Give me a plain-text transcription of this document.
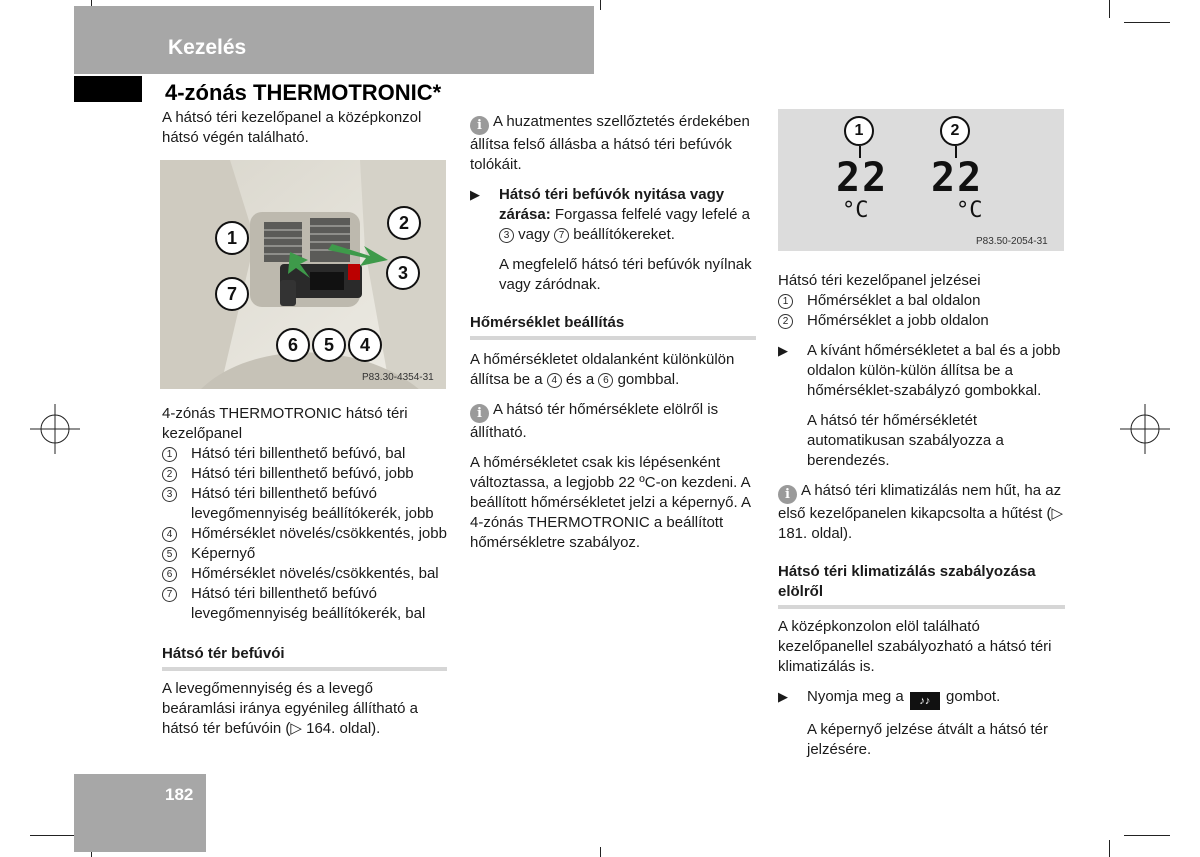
Kezelés
4-zónás THERMOTRONIC*

A hátsó téri kezelőpanel a középkonzol hátsó végén található.

1
2
3
4
5
6
7
P83.30-4354-31

4-zónás THERMOTRONIC hátsó téri kezelőpanel

1	Hátsó téri billenthető befúvó, bal
2	Hátsó téri billenthető befúvó, jobb
3	Hátsó téri billenthető befúvó levegőmennyiség beállítókerék, jobb
4	Hőmérséklet növelés/csökkentés, jobb
5	Képernyő
6	Hőmérséklet növelés/csökkentés, bal
7	Hátsó téri billenthető befúvó levegőmennyiség beállítókerék, bal
Hátsó tér befúvói

A levegőmennyiség és a levegő beáramlási iránya egyénileg állítható a hátsó tér befúvóin (▷ 164. oldal).

i A huzatmentes szellőztetés érdekében állítsa felső állásba a hátsó téri befúvók tolókáit.

▶	Hátsó téri befúvók nyitása vagy zárása: Forgassa felfelé vagy lefelé a 3 vagy 7 beállítókereket.

A megfelelő hátsó téri befúvók nyílnak vagy záródnak.

Hőmérséklet beállítás

A hőmérsékletet oldalanként különkülön állítsa be a 4 és a 6 gombbal.

i A hátsó tér hőmérséklete elölről is állítható.

A hőmérsékletet csak kis lépésenként változtassa, a legjobb 22 ºC-on kezdeni. A beállított hőmérsékletet jelzi a képernyő. A 4-zónás THERMOTRONIC a beállított hőmérsékletre szabályoz.

1	2
22 22
°C	°C
P83.50-2054-31

Hátsó téri kezelőpanel jelzései

1	Hőmérséklet a bal oldalon
2	Hőmérséklet a jobb oldalon
▶	A kívánt hőmérsékletet a bal és a jobb oldalon külön-külön állítsa be a hőmérséklet-szabályzó gombokkal.

A hátsó tér hőmérsékletét automatikusan szabályozza a berendezés.

i A hátsó téri klimatizálás nem hűt, ha az első kezelőpanelen kikapcsolta a hűtést (▷ 181. oldal).

Hátsó téri klimatizálás szabályozása elölről

A középkonzolon elöl található kezelőpanellel szabályozható a hátsó téri klimatizálás is.

▶	Nyomja meg a ♪♪ gombot.

A képernyő jelzése átvált a hátsó tér jelzésére.

182
